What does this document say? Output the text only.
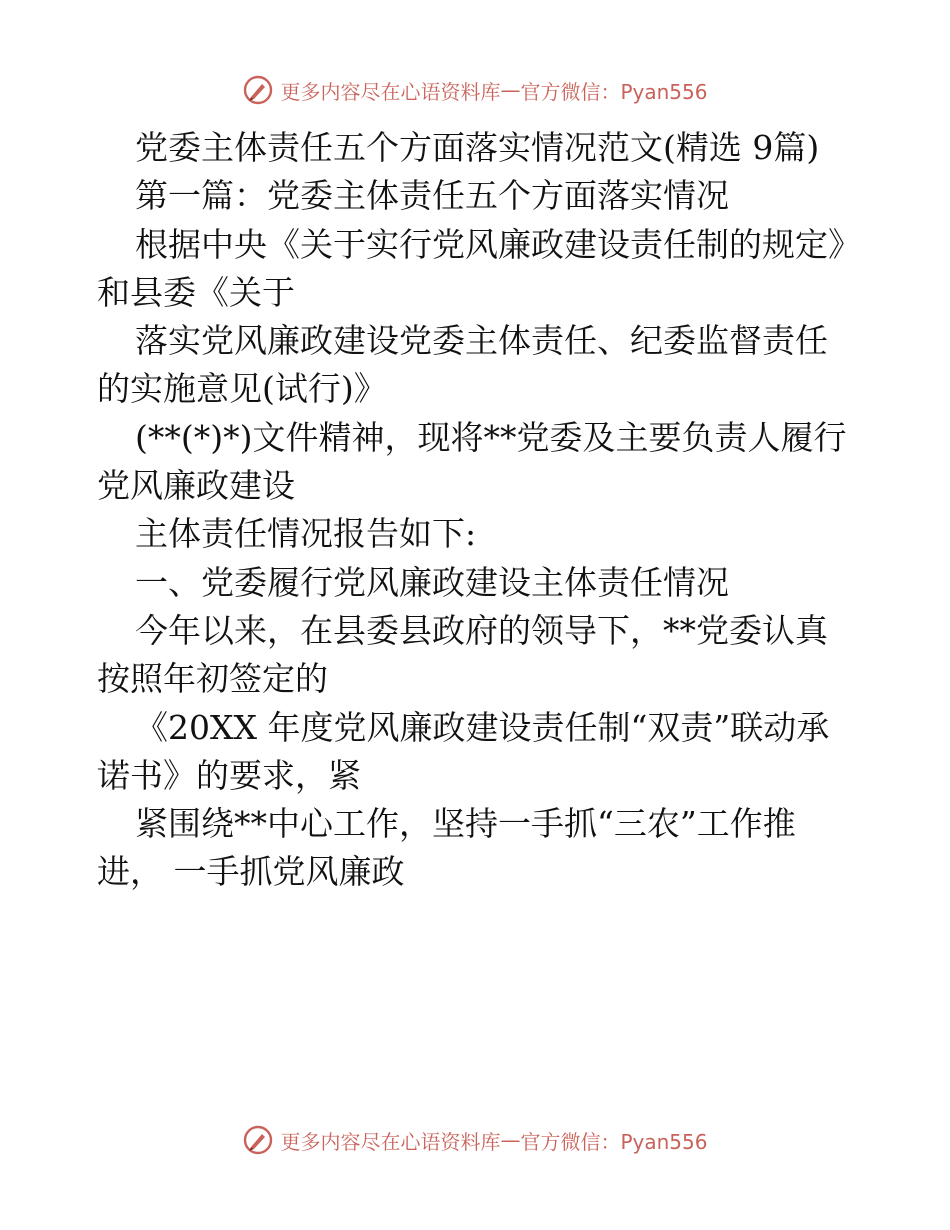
更多内容尽在心语资料库 — 官方微信：Pyan556

党委主体责任五个方面落实情况范文(精选 9篇)

第一篇：党委主体责任五个方面落实情况

根据中央《关于实行党风廉政建设责任制的规定》和县委《关于

落实党风廉政建设党委主体责任、纪委监督责任的实施意见(试行)》

(**(*)*)文件精神，现将**党委及主要负责人履行党风廉政建设

主体责任情况报告如下:

一、党委履行党风廉政建设主体责任情况

今年以来，在县委县政府的领导下，**党委认真按照年初签定的

《20XX 年度党风廉政建设责任制“双责”联动承诺书》的要求，紧

紧围绕**中心工作，坚持一手抓“三农”工作推进， 一手抓党风廉政

更多内容尽在心语资料库 — 官方微信：Pyan556
